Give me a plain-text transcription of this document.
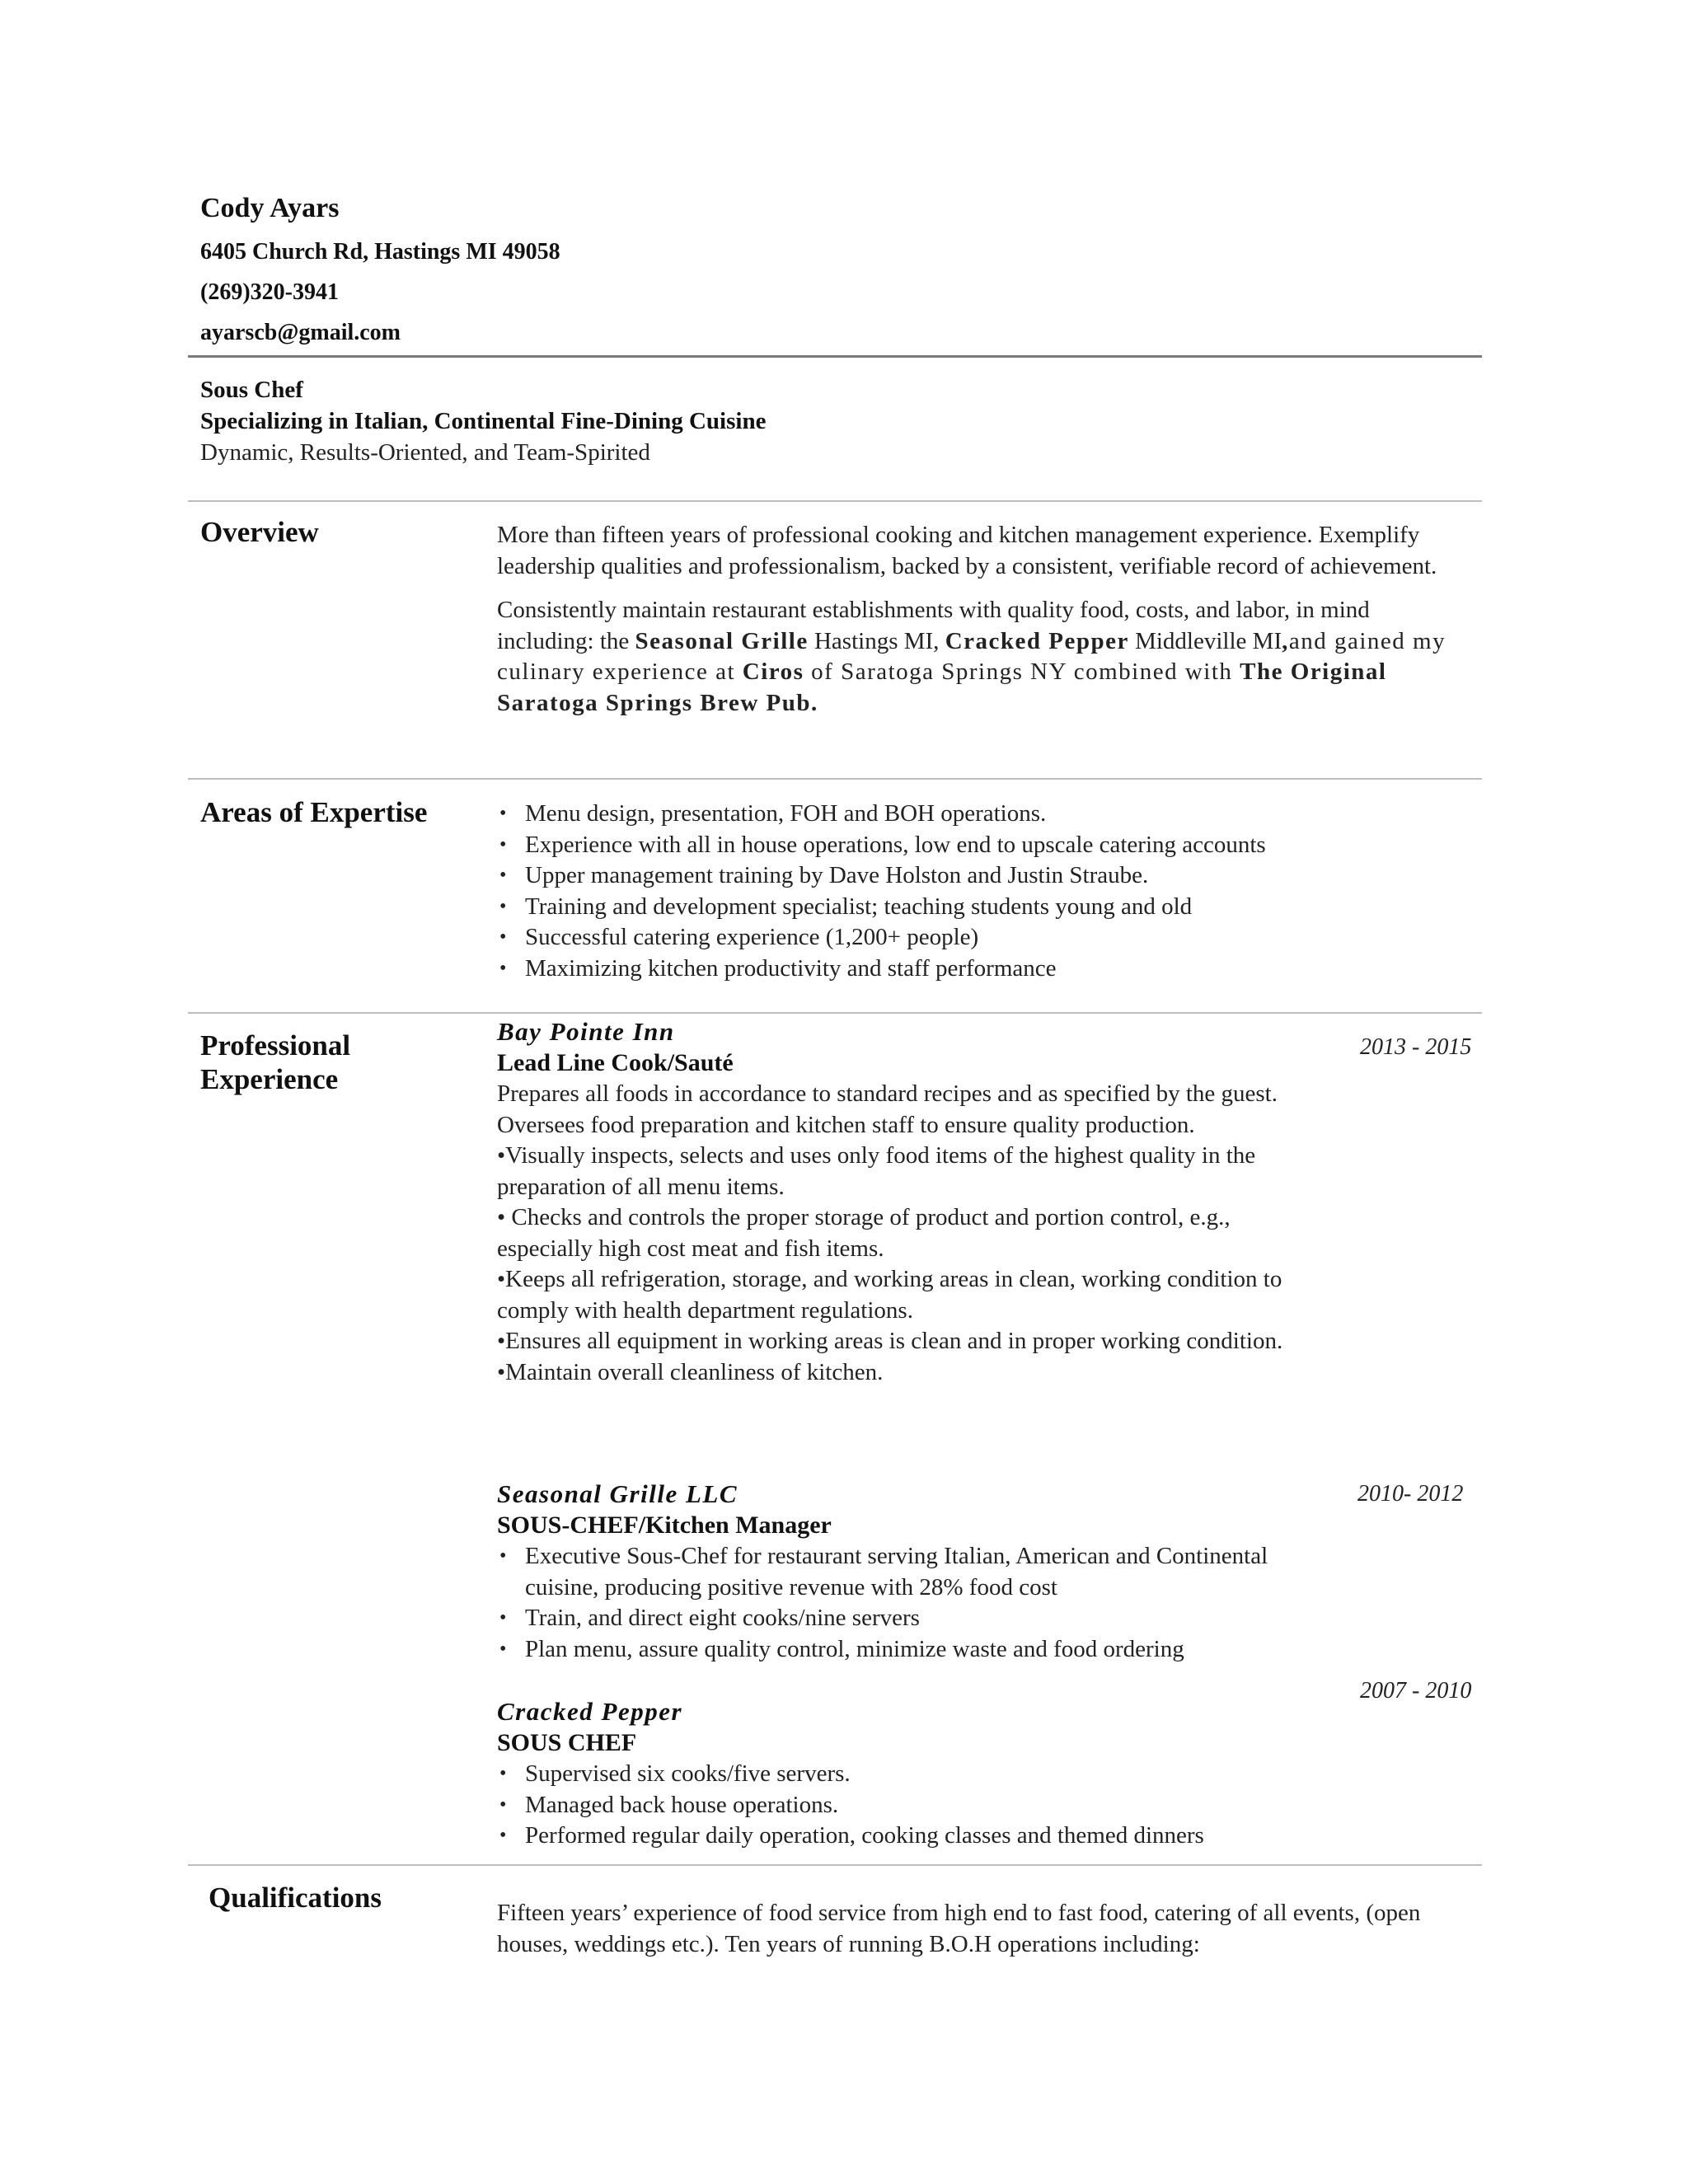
Cody Ayars
6405 Church Rd, Hastings MI 49058
(269)320-3941
ayarscb@gmail.com
Sous Chef
Specializing in Italian, Continental Fine-Dining Cuisine
Dynamic, Results-Oriented, and Team-Spirited
Overview	More than fifteen years of professional cooking and kitchen management experience. Exemplify leadership qualities and professionalism, backed by a consistent, verifiable record of achievement.

Consistently maintain restaurant establishments with quality food, costs, and labor, in mind including: the Seasonal Grille Hastings MI, Cracked Pepper Middleville MI,and gained my culinary experience at Ciros of Saratoga Springs NY combined with The Original Saratoga Springs Brew Pub.

Areas of Expertise
•	Menu design, presentation, FOH and BOH operations.
• Experience with all in house operations, low end to upscale catering accounts
• Upper management training by Dave Holston and Justin Straube.
• Training and development specialist; teaching students young and old
• Successful catering experience (1,200+ people)
• Maximizing kitchen productivity and staff performance
Professional
Experience
Bay Pointe Inn
Lead Line Cook/Sauté

Prepares all foods in accordance to standard recipes and as specified by the guest. Oversees food preparation and kitchen staff to ensure quality production.

•Visually inspects, selects and uses only food items of the highest quality in the preparation of all menu items.

• Checks and controls the proper storage of product and portion control, e.g., especially high cost meat and fish items.

•Keeps all refrigeration, storage, and working areas in clean, working condition to comply with health department regulations.

•Ensures all equipment in working areas is clean and in proper working condition.

•Maintain overall cleanliness of kitchen.

2013 - 2015
Seasonal Grille LLC
SOUS-CHEF/Kitchen Manager
• Executive Sous-Chef for restaurant serving Italian, American and Continental cuisine, producing positive revenue with 28% food cost
• Train, and direct eight cooks/nine servers
• Plan menu, assure quality control, minimize waste and food ordering
2010- 2012
Cracked Pepper
SOUS CHEF
• Supervised six cooks/five servers.
• Managed back house operations.
• Performed regular daily operation, cooking classes and themed dinners
2007 - 2010
Qualifications	Fifteen years’ experience of food service from high end to fast food, catering of all events, (open houses, weddings etc.). Ten years of running B.O.H operations including:
